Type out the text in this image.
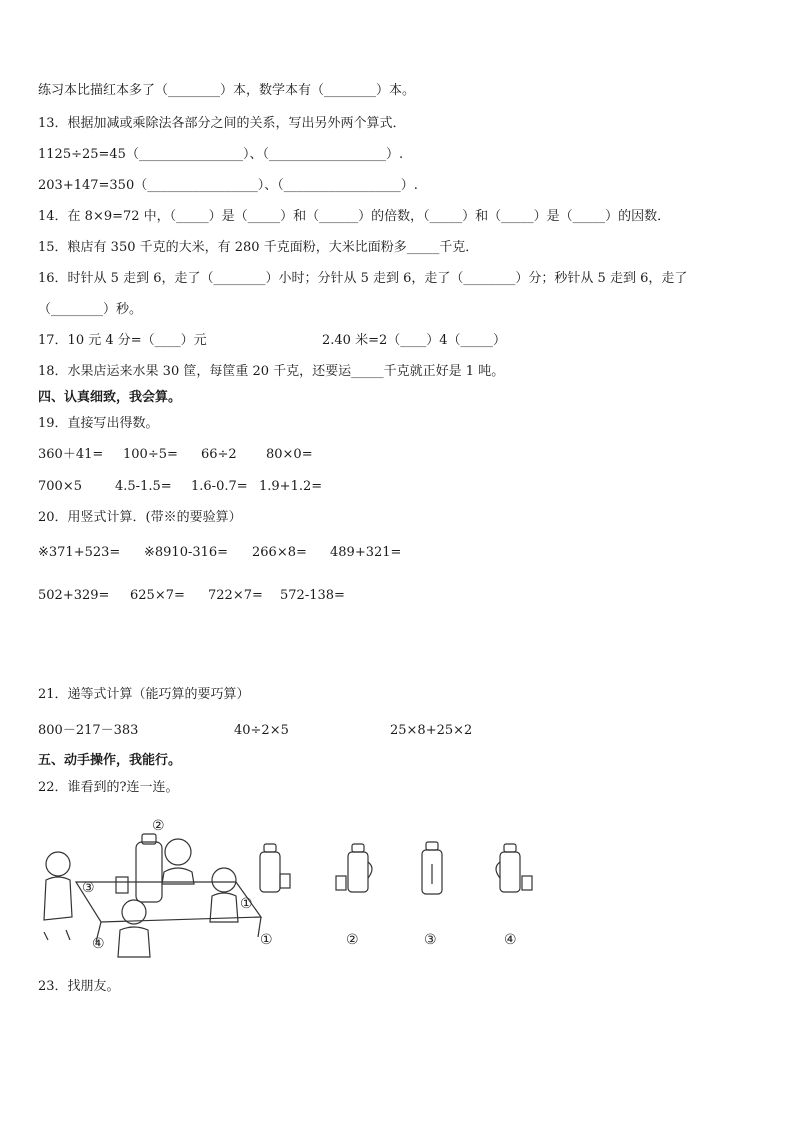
练习本比描红本多了（________）本，数学本有（________）本。
13．根据加减或乘除法各部分之间的关系，写出另外两个算式．
1125÷25=45（________________）、（__________________）.
203+147=350（_________________）、（__________________）.
14．在 8×9=72 中，（_____）是（_____）和（______）的倍数，（_____）和（_____）是（_____）的因数．
15．粮店有 350 千克的大米，有 280 千克面粉，大米比面粉多_____千克．
16．时针从 5 走到 6，走了（________）小时；分针从 5 走到 6，走了（________）分；秒针从 5 走到 6，走了
（________）秒。
17．10 元 4 分=（____）元	2.40 米=2（____）4（_____）
18．水果店运来水果 30 筐，每筐重 20 千克，还要运_____千克就正好是 1 吨。
四、认真细致，我会算。
19．直接写出得数。
360＋41= 100÷5= 66÷2 80×0=
700×5	4.5-1.5= 1.6-0.7= 1.9+1.2=
20．用竖式计算．(带※的要验算）
※371+523= ※8910-316= 266×8= 489+321=
502+329= 625×7= 722×7= 572-138=
21．递等式计算（能巧算的要巧算）
800－217－383	40÷2×5	25×8+25×2
五、动手操作，我能行。
22．谁看到的?连一连。
②
③
①
④	①	②	③	④
23．找朋友。
